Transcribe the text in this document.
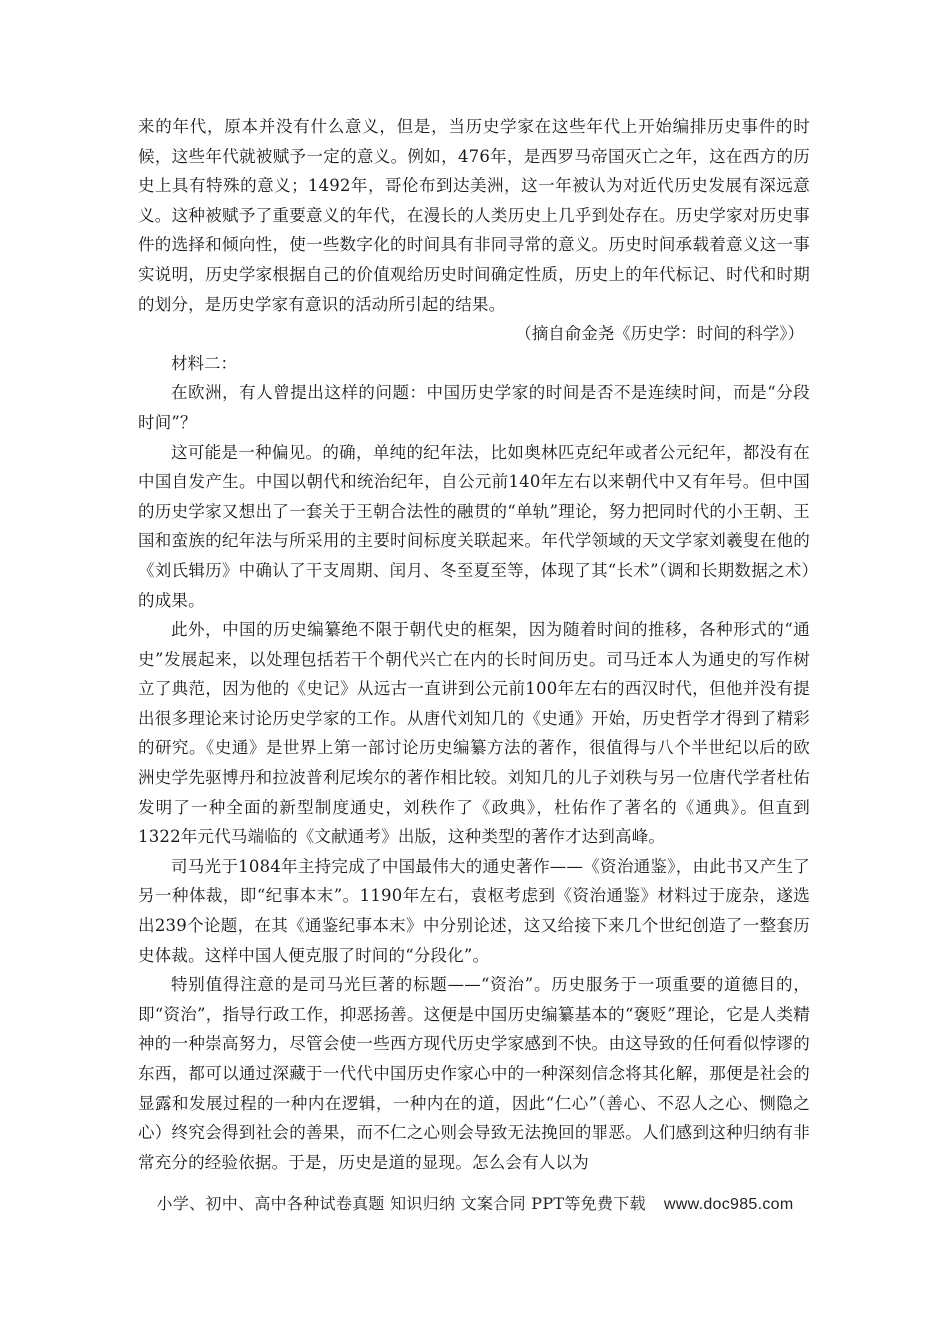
来的年代，原本并没有什么意义，但是，当历史学家在这些年代上开始编排历史事件的时候，这些年代就被赋予一定的意义。例如，476年，是西罗马帝国灭亡之年，这在西方的历史上具有特殊的意义；1492年，哥伦布到达美洲，这一年被认为对近代历史发展有深远意义。这种被赋予了重要意义的年代，在漫长的人类历史上几乎到处存在。历史学家对历史事件的选择和倾向性，使一些数字化的时间具有非同寻常的意义。历史时间承载着意义这一事实说明，历史学家根据自己的价值观给历史时间确定性质，历史上的年代标记、时代和时期的划分，是历史学家有意识的活动所引起的结果。

（摘自俞金尧《历史学：时间的科学》）

材料二：

在欧洲，有人曾提出这样的问题：中国历史学家的时间是否不是连续时间，而是“分段时间”？

这可能是一种偏见。的确，单纯的纪年法，比如奥林匹克纪年或者公元纪年，都没有在中国自发产生。中国以朝代和统治纪年，自公元前140年左右以来朝代中又有年号。但中国的历史学家又想出了一套关于王朝合法性的融贯的“单轨”理论，努力把同时代的小王朝、王国和蛮族的纪年法与所采用的主要时间标度关联起来。年代学领域的天文学家刘羲叟在他的《刘氏辑历》中确认了干支周期、闰月、冬至夏至等，体现了其“长术”（调和长期数据之术）的成果。

此外，中国的历史编纂绝不限于朝代史的框架，因为随着时间的推移，各种形式的“通史”发展起来，以处理包括若干个朝代兴亡在内的长时间历史。司马迁本人为通史的写作树立了典范，因为他的《史记》从远古一直讲到公元前100年左右的西汉时代，但他并没有提出很多理论来讨论历史学家的工作。从唐代刘知几的《史通》开始，历史哲学才得到了精彩的研究。《史通》是世界上第一部讨论历史编纂方法的著作，很值得与八个半世纪以后的欧洲史学先驱博丹和拉波普利尼埃尔的著作相比较。刘知几的儿子刘秩与另一位唐代学者杜佑发明了一种全面的新型制度通史，刘秩作了《政典》，杜佑作了著名的《通典》。但直到1322年元代马端临的《文献通考》出版，这种类型的著作才达到高峰。

司马光于1084年主持完成了中国最伟大的通史著作——《资治通鉴》，由此书又产生了另一种体裁，即“纪事本末”。1190年左右，袁枢考虑到《资治通鉴》材料过于庞杂，遂选出239个论题，在其《通鉴纪事本末》中分别论述，这又给接下来几个世纪创造了一整套历史体裁。这样中国人便克服了时间的“分段化”。

特别值得注意的是司马光巨著的标题——“资治”。历史服务于一项重要的道德目的，即“资治”，指导行政工作，抑恶扬善。这便是中国历史编纂基本的“褒贬”理论，它是人类精神的一种崇高努力，尽管会使一些西方现代历史学家感到不快。由这导致的任何看似悖谬的东西，都可以通过深藏于一代代中国历史作家心中的一种深刻信念将其化解，那便是社会的显露和发展过程的一种内在逻辑，一种内在的道，因此“仁心”（善心、不忍人之心、恻隐之心）终究会得到社会的善果，而不仁之心则会导致无法挽回的罪恶。人们感到这种归纳有非常充分的经验依据。于是，历史是道的显现。怎么会有人以为

小学、初中、高中各种试卷真题 知识归纳 文案合同 PPT等免费下载 www.doc985.com
